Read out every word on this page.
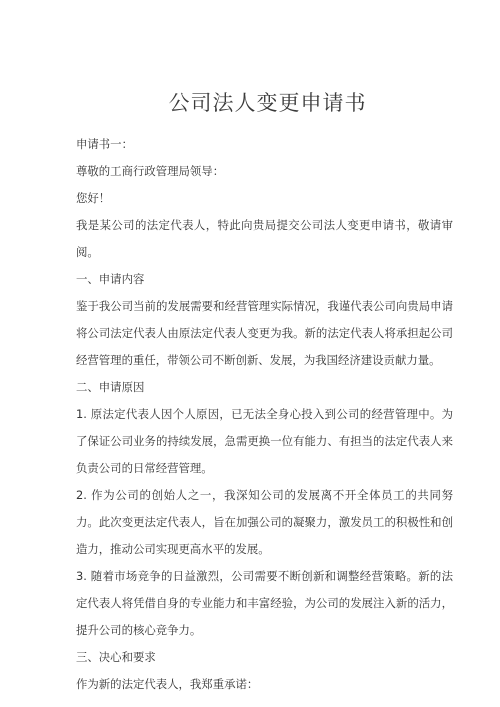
公司法人变更申请书

申请书一：

尊敬的工商行政管理局领导：

您好！

我是某公司的法定代表人，特此向贵局提交公司法人变更申请书，敬请审阅。

一、申请内容

鉴于我公司当前的发展需要和经营管理实际情况，我谨代表公司向贵局申请将公司法定代表人由原法定代表人变更为我。新的法定代表人将承担起公司经营管理的重任，带领公司不断创新、发展，为我国经济建设贡献力量。

二、申请原因

1. 原法定代表人因个人原因，已无法全身心投入到公司的经营管理中。为了保证公司业务的持续发展，急需更换一位有能力、有担当的法定代表人来负责公司的日常经营管理。

2. 作为公司的创始人之一，我深知公司的发展离不开全体员工的共同努力。此次变更法定代表人，旨在加强公司的凝聚力，激发员工的积极性和创造力，推动公司实现更高水平的发展。

3. 随着市场竞争的日益激烈，公司需要不断创新和调整经营策略。新的法定代表人将凭借自身的专业能力和丰富经验，为公司的发展注入新的活力，提升公司的核心竞争力。

三、决心和要求

作为新的法定代表人，我郑重承诺：
